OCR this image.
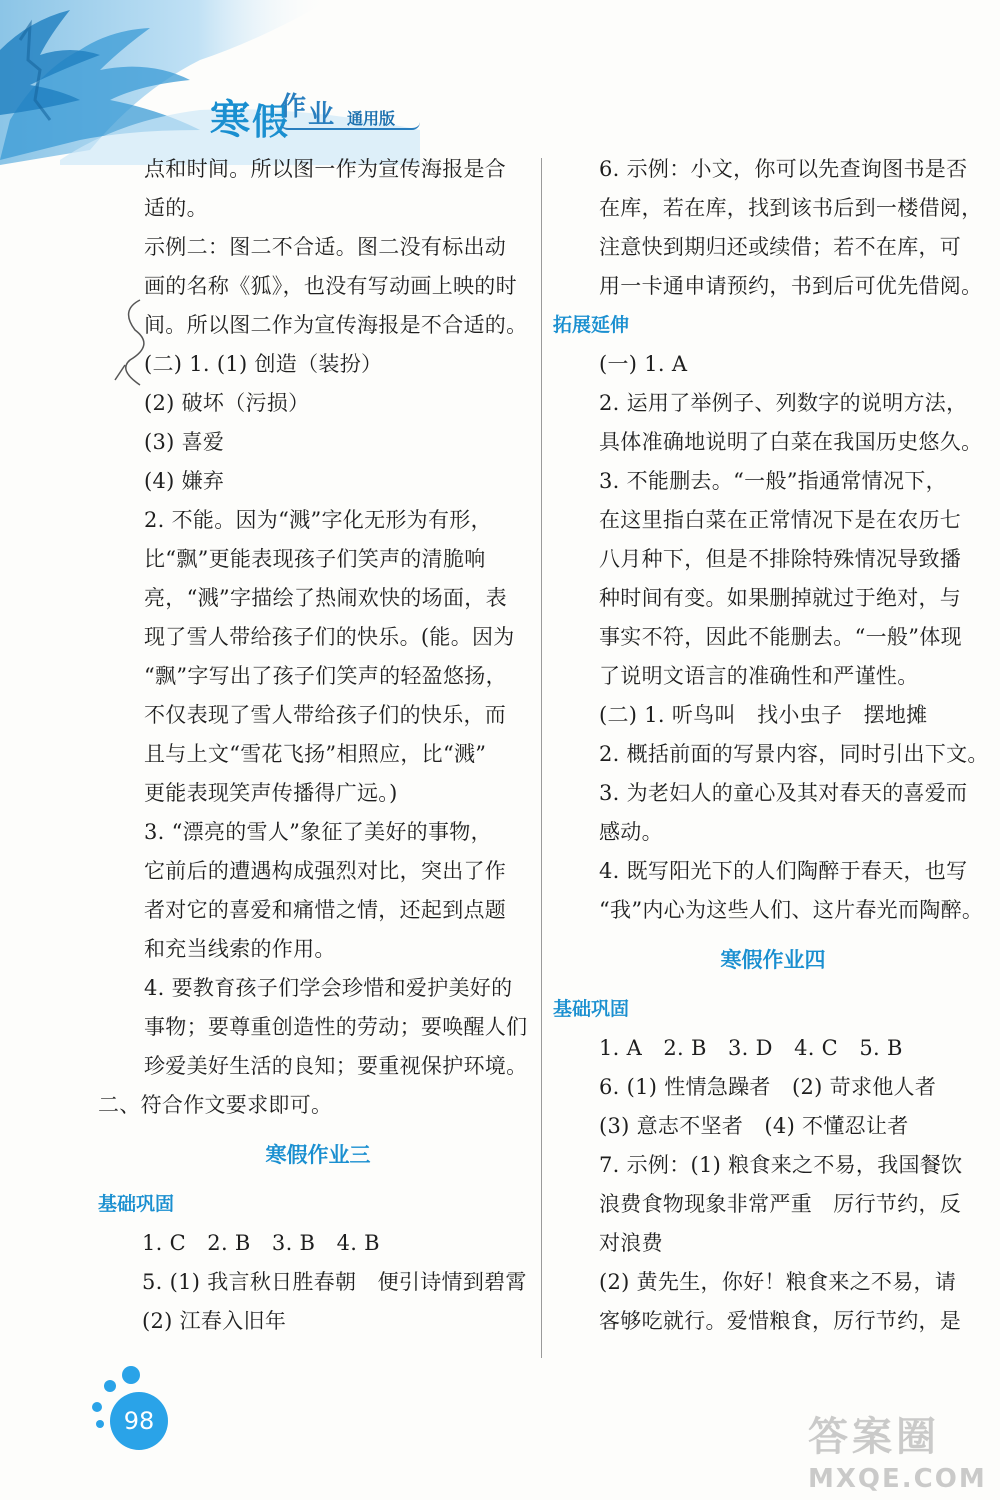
寒 假
作 业 通用版
点和时间。所以图一作为宣传海报是合
适的。
示例二：图二不合适。图二没有标出动
画的名称《狐》，也没有写动画上映的时
间。所以图二作为宣传海报是不合适的。
(二) 1. (1) 创造（装扮）
(2) 破坏（污损）
(3) 喜爱
(4) 嫌弃
2. 不能。因为“溅”字化无形为有形，
比“飘”更能表现孩子们笑声的清脆响
亮，“溅”字描绘了热闹欢快的场面，表
现了雪人带给孩子们的快乐。(能。因为
“飘”字写出了孩子们笑声的轻盈悠扬，
不仅表现了雪人带给孩子们的快乐，而
且与上文“雪花飞扬”相照应，比“溅”
更能表现笑声传播得广远。)
3. “漂亮的雪人”象征了美好的事物，
它前后的遭遇构成强烈对比，突出了作
者对它的喜爱和痛惜之情，还起到点题
和充当线索的作用。
4. 要教育孩子们学会珍惜和爱护美好的
事物；要尊重创造性的劳动；要唤醒人们
珍爱美好生活的良知；要重视保护环境。
二、符合作文要求即可。
寒假作业三
基础巩固
1. C　2. B　3. B　4. B
5. (1) 我言秋日胜春朝　便引诗情到碧霄
(2) 江春入旧年
6. 示例：小文，你可以先查询图书是否
在库，若在库，找到该书后到一楼借阅，
注意快到期归还或续借；若不在库，可
用一卡通申请预约，书到后可优先借阅。
拓展延伸
(一) 1. A
2. 运用了举例子、列数字的说明方法，
具体准确地说明了白菜在我国历史悠久。
3. 不能删去。“一般”指通常情况下，
在这里指白菜在正常情况下是在农历七
八月种下，但是不排除特殊情况导致播
种时间有变。如果删掉就过于绝对，与
事实不符，因此不能删去。“一般”体现
了说明文语言的准确性和严谨性。
(二) 1. 听鸟叫　找小虫子　摆地摊
2. 概括前面的写景内容，同时引出下文。
3. 为老妇人的童心及其对春天的喜爱而
感动。
4. 既写阳光下的人们陶醉于春天，也写
“我”内心为这些人们、这片春光而陶醉。
寒假作业四
基础巩固
1. A　2. B　3. D　4. C　5. B
6. (1) 性情急躁者　(2) 苛求他人者
(3) 意志不坚者　(4) 不懂忍让者
7. 示例：(1) 粮食来之不易，我国餐饮
浪费食物现象非常严重　厉行节约，反
对浪费
(2) 黄先生，你好！粮食来之不易，请
客够吃就行。爱惜粮食，厉行节约，是
98	答案圈
MXQE.COM
